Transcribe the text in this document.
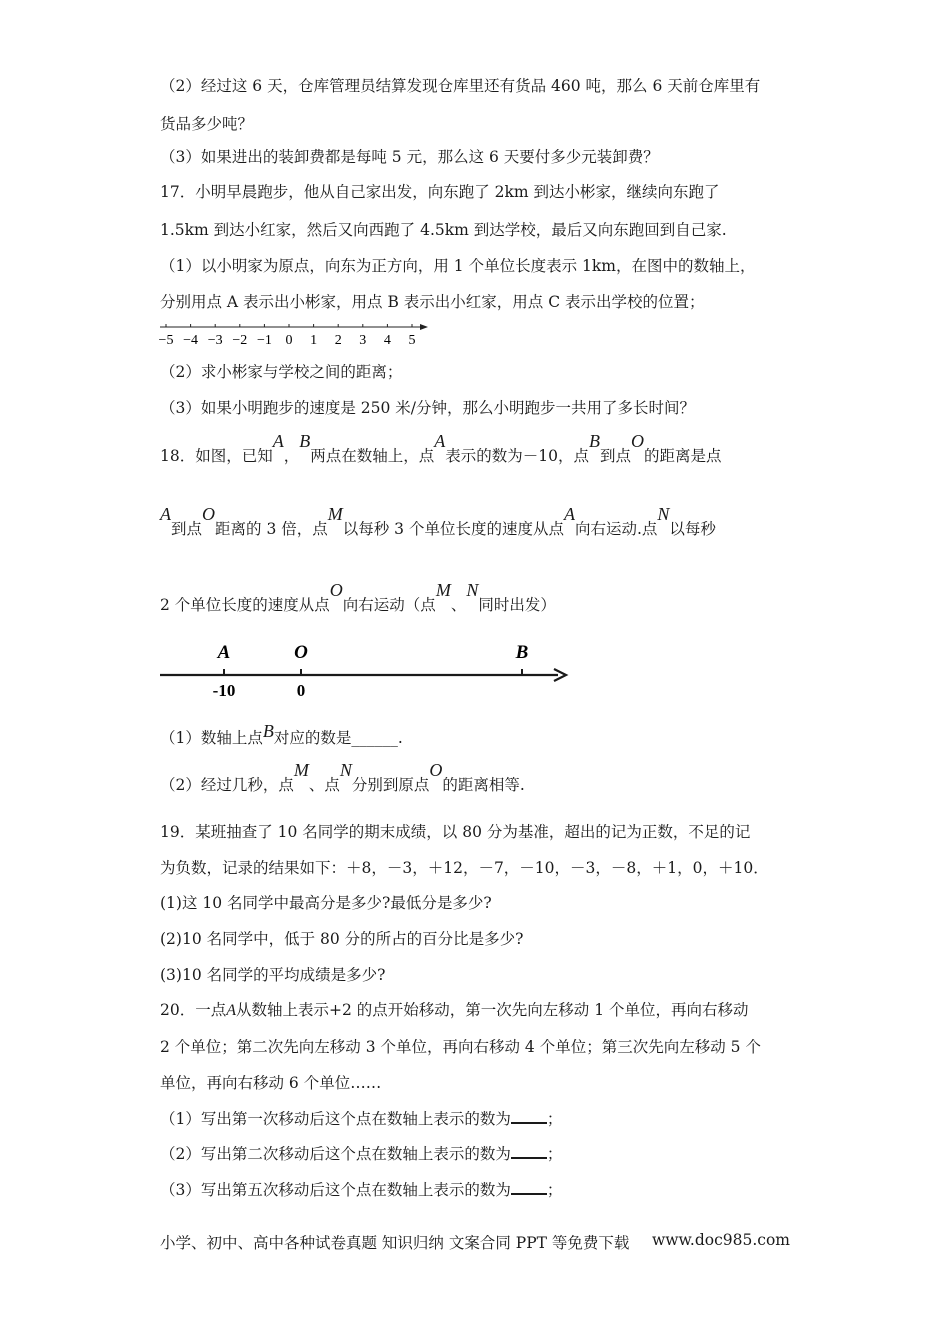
（2）经过这 6 天，仓库管理员结算发现仓库里还有货品 460 吨，那么 6 天前仓库里有
货品多少吨？
（3）如果进出的装卸费都是每吨 5 元，那么这 6 天要付多少元装卸费？
17．小明早晨跑步，他从自己家出发，向东跑了 2km 到达小彬家，继续向东跑了
1.5km 到达小红家，然后又向西跑了 4.5km 到达学校，最后又向东跑回到自己家.
（1）以小明家为原点，向东为正方向，用 1 个单位长度表示 1km，在图中的数轴上，
分别用点 A 表示出小彬家，用点 B 表示出小红家，用点 C 表示出学校的位置；
−5 −4 −3 −2 −1 0 1 2 3 4 5
（2）求小彬家与学校之间的距离；
（3）如果小明跑步的速度是 250 米/分钟，那么小明跑步一共用了多长时间？
18．如图，已知A，B两点在数轴上，点A表示的数为－10，点B到点O的距离是点
A到点O距离的 3 倍，点M以每秒 3 个单位长度的速度从点A向右运动.点N以每秒
2 个单位长度的速度从点O向右运动（点M、N同时出发）
A	O	B
-10	0
（1）数轴上点B对应的数是______.
（2）经过几秒，点M、点N分别到原点O的距离相等.
19．某班抽查了 10 名同学的期末成绩，以 80 分为基准，超出的记为正数，不足的记
为负数，记录的结果如下：＋8，－3，＋12，－7，－10，－3，－8，＋1，0，＋10．
(1)这 10 名同学中最高分是多少?最低分是多少?
(2)10 名同学中，低于 80 分的所占的百分比是多少?
(3)10 名同学的平均成绩是多少?
20．一点A从数轴上表示+2 的点开始移动，第一次先向左移动 1 个单位，再向右移动
2 个单位；第二次先向左移动 3 个单位，再向右移动 4 个单位；第三次先向左移动 5 个
单位，再向右移动 6 个单位……
（1）写出第一次移动后这个点在数轴上表示的数为 ；
（2）写出第二次移动后这个点在数轴上表示的数为 ；
（3）写出第五次移动后这个点在数轴上表示的数为 ；
小学、初中、高中各种试卷真题 知识归纳 文案合同 PPT 等免费下载 www.doc985.com
